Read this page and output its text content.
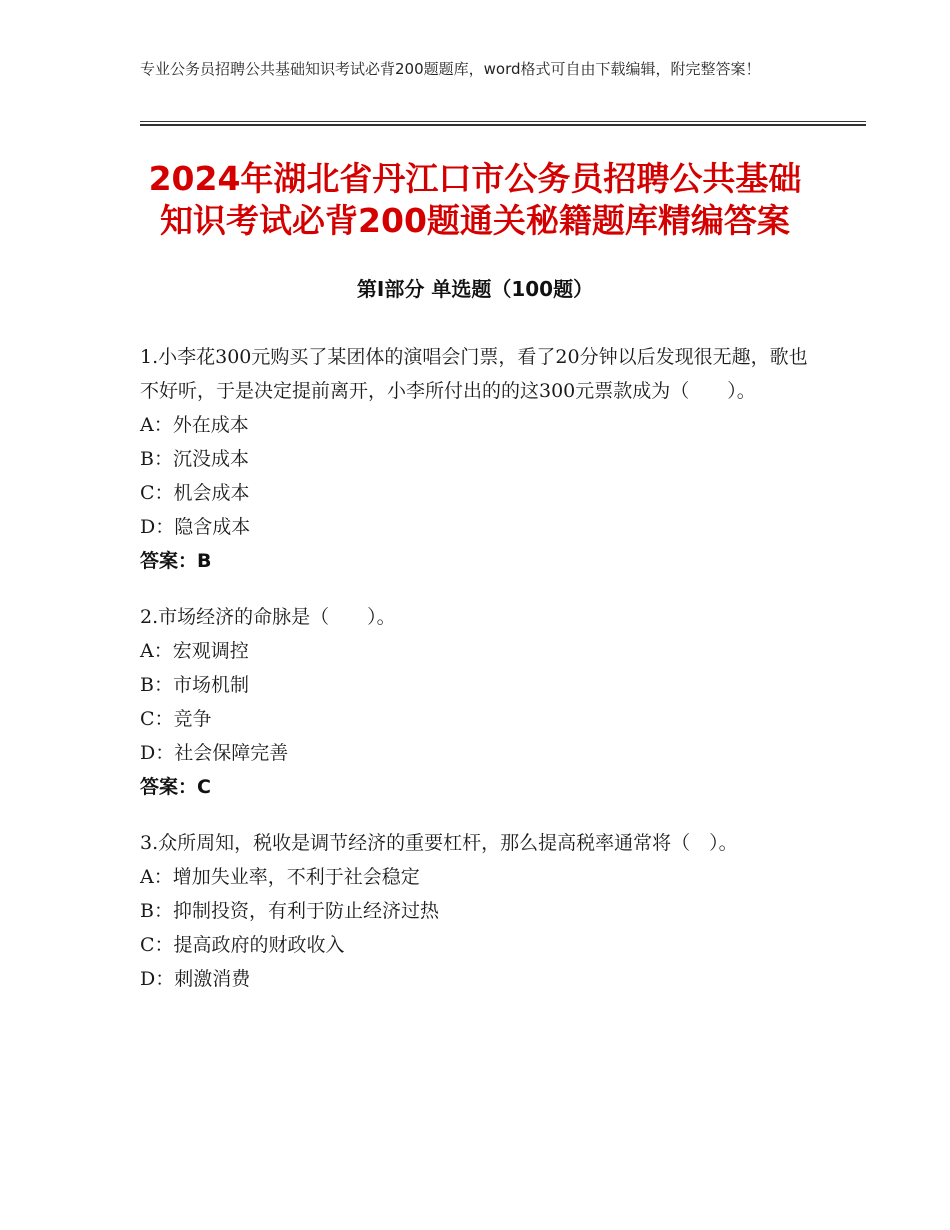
专业公务员招聘公共基础知识考试必背200题题库，word格式可自由下载编辑，附完整答案！
2024年湖北省丹江口市公务员招聘公共基础
知识考试必背200题通关秘籍题库精编答案
第Ⅰ部分 单选题（100题）
1.小李花300元购买了某团体的演唱会门票，看了20分钟以后发现很无趣，歌也不好听，于是决定提前离开，小李所付出的的这300元票款成为（　　）。
A：外在成本
B：沉没成本
C：机会成本
D：隐含成本
答案：B
2.市场经济的命脉是（　　）。
A：宏观调控
B：市场机制
C：竞争
D：社会保障完善
答案：C
3.众所周知，税收是调节经济的重要杠杆，那么提高税率通常将（　）。
A：增加失业率，不利于社会稳定
B：抑制投资，有利于防止经济过热
C：提高政府的财政收入
D：刺激消费
